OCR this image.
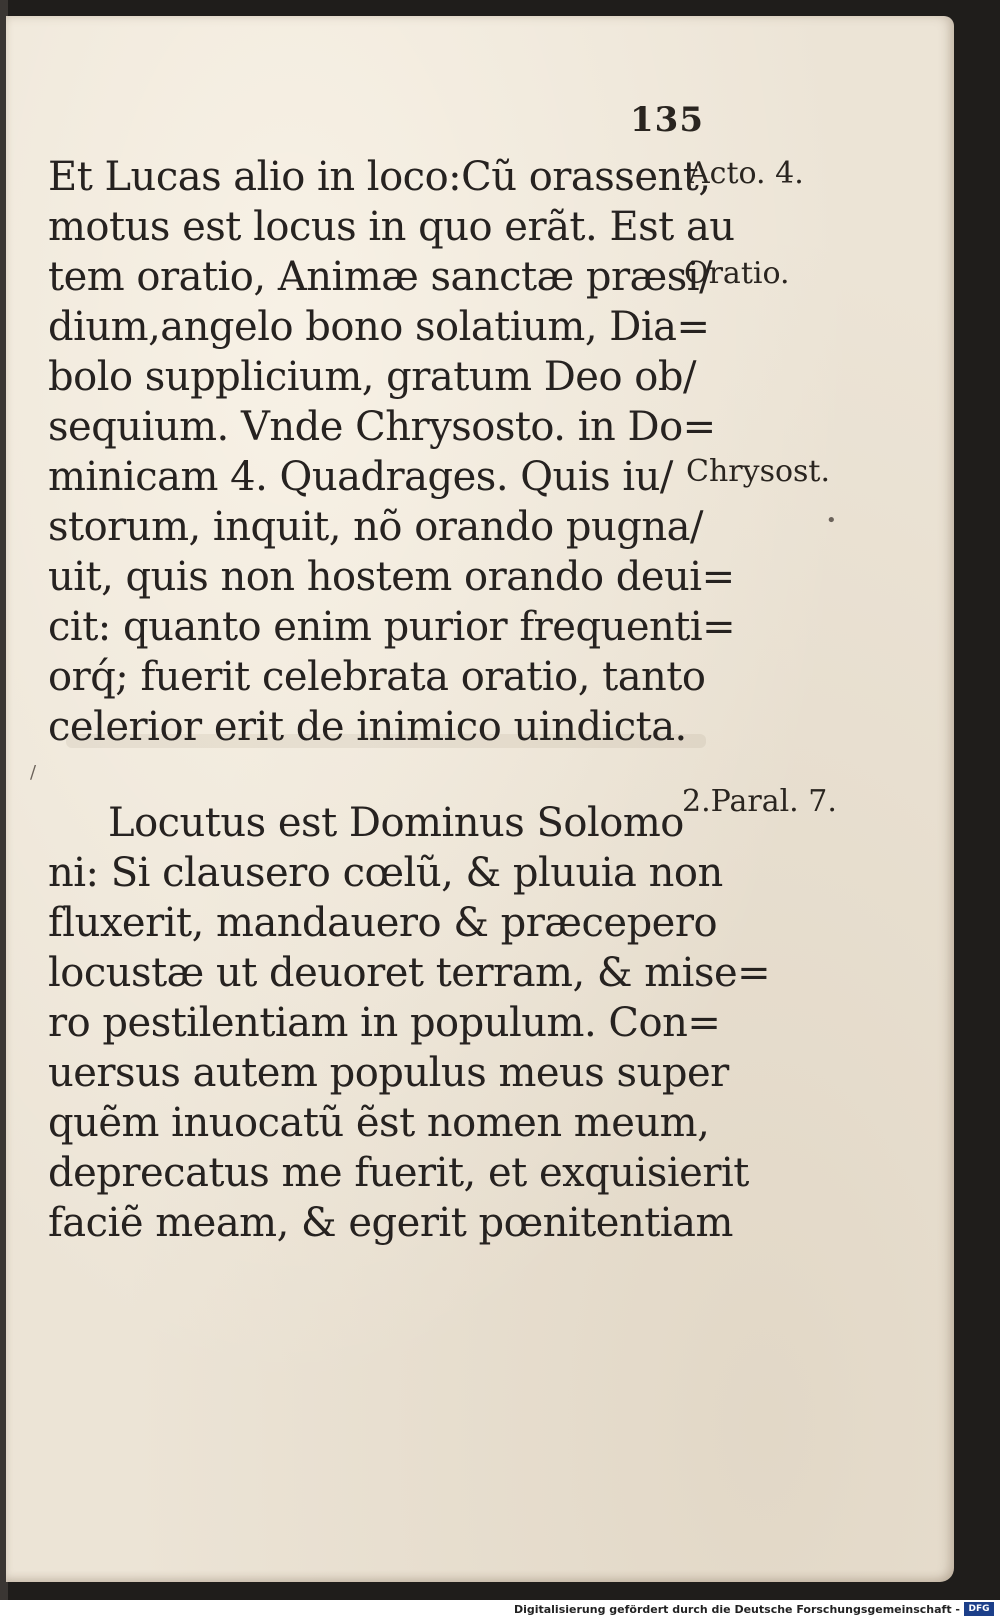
135
Et Lucas alio in loco:Cũ orassent,
motus est locus in quo erãt. Est au
tem oratio, Animæ sanctæ præsi/
dium,angelo bono solatium, Dia=
bolo supplicium, gratum Deo ob/
sequium. Vnde Chrysosto. in Do=
minicam 4. Quadrages. Quis iu/
storum, inquit, nõ orando pugna/
uit, quis non hostem orando deui=
cit: quanto enim purior frequenti=
orq́; fuerit celebrata oratio, tanto
celerior erit de inimico uindicta.
Locutus est Dominus Solomo
ni: Si clausero cœlũ, & pluuia non
fluxerit, mandauero & præcepero
locustæ ut deuoret terram, & mise=
ro pestilentiam in populum. Con=
uersus autem populus meus super
quẽm inuocatũ ẽst nomen meum,
deprecatus me fuerit, et exquisierit
faciẽ meam, & egerit pœnitentiam
Acto. 4.
Oratio.
Chrysost.
2.Paral. 7.
•
/
Digitalisierung gefördert durch die Deutsche Forschungsgemeinschaft - DFG
